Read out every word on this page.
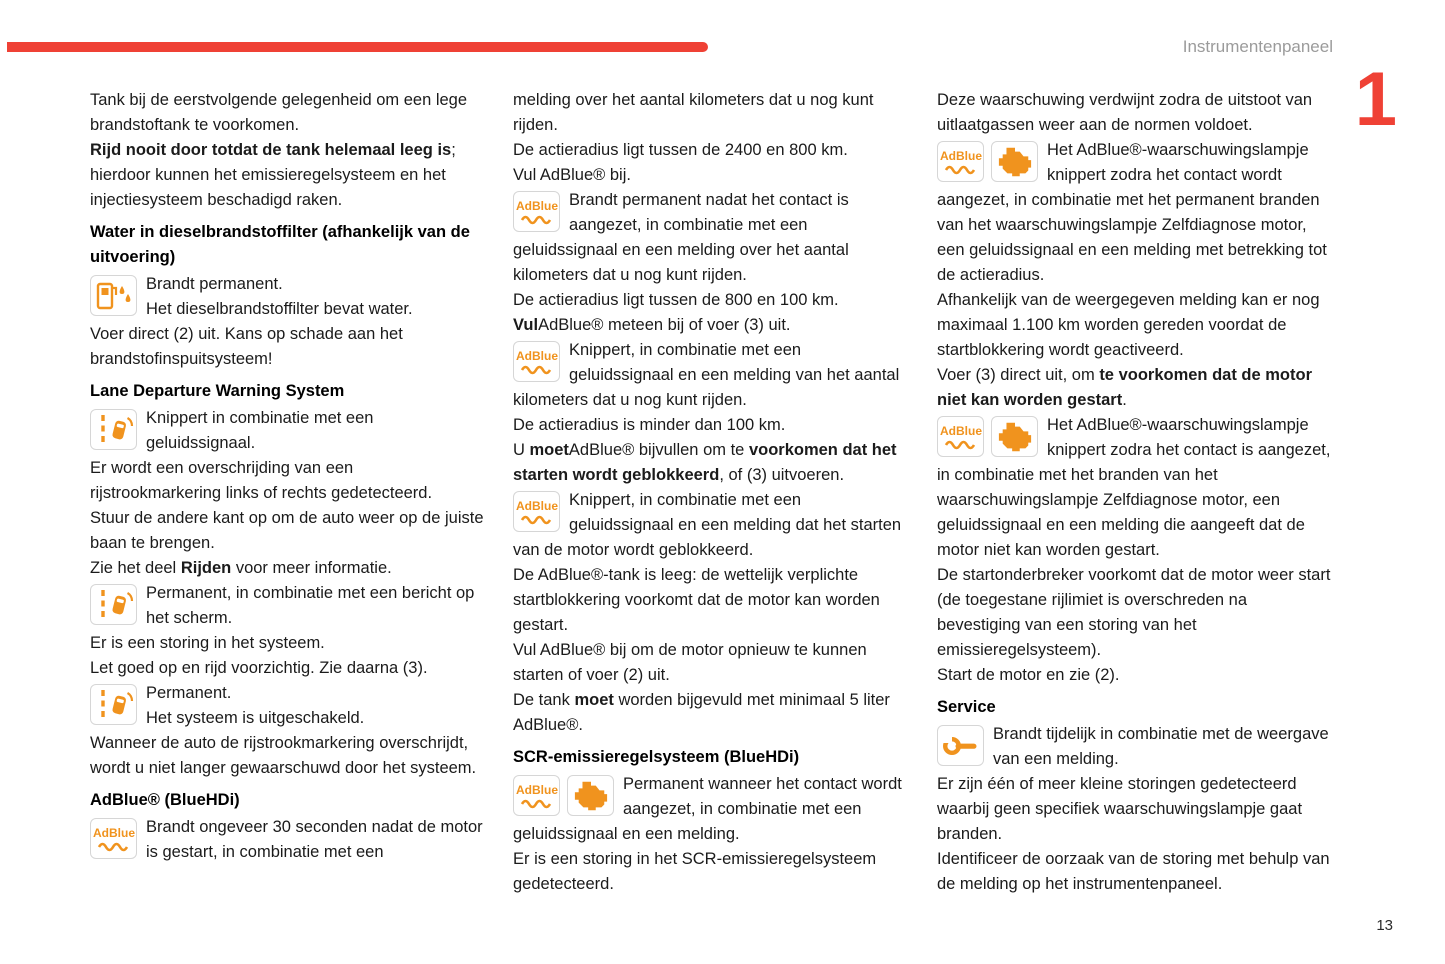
Instrumentenpaneel
1
Tank bij de eerstvolgende gelegenheid om een lege brandstoftank te voorkomen.
Rijd nooit door totdat de tank helemaal leeg is; hierdoor kunnen het emissieregelsysteem en het injectiesysteem beschadigd raken.
Water in dieselbrandstoffilter (afhankelijk van de uitvoering)
Brandt permanent.
Het dieselbrandstoffilter bevat water.
Voer direct (2) uit. Kans op schade aan het brandstofinspuitsysteem!
Lane Departure Warning System
Knippert in combinatie met een geluidssignaal.
Er wordt een overschrijding van een rijstrookmarkering links of rechts gedetecteerd.
Stuur de andere kant op om de auto weer op de juiste baan te brengen.
Zie het deel Rijden voor meer informatie.
Permanent, in combinatie met een bericht op het scherm.
Er is een storing in het systeem.
Let goed op en rijd voorzichtig. Zie daarna (3).
Permanent.
Het systeem is uitgeschakeld.
Wanneer de auto de rijstrookmarkering overschrijdt, wordt u niet langer gewaarschuwd door het systeem.
AdBlue® (BlueHDi)
AdBlue Brandt ongeveer 30 seconden nadat de motor is gestart, in combinatie met een
melding over het aantal kilometers dat u nog kunt rijden.
De actieradius ligt tussen de 2400 en 800 km.
Vul AdBlue® bij.
AdBlue Brandt permanent nadat het contact is aangezet, in combinatie met een geluidssignaal en een melding over het aantal kilometers dat u nog kunt rijden.
De actieradius ligt tussen de 800 en 100 km.
VulAdBlue® meteen bij of voer (3) uit.
AdBlue Knippert, in combinatie met een geluidssignaal en een melding van het aantal kilometers dat u nog kunt rijden.
De actieradius is minder dan 100 km.
U moetAdBlue® bijvullen om te voorkomen dat het starten wordt geblokkeerd, of (3) uitvoeren.
AdBlue Knippert, in combinatie met een geluidssignaal en een melding dat het starten van de motor wordt geblokkeerd.
De AdBlue®-tank is leeg: de wettelijk verplichte startblokkering voorkomt dat de motor kan worden gestart.
Vul AdBlue® bij om de motor opnieuw te kunnen starten of voer (2) uit.
De tank moet worden bijgevuld met minimaal 5 liter AdBlue®.
SCR-emissieregelsysteem (BlueHDi)
AdBlue	Permanent wanneer het contact wordt aangezet, in combinatie met een geluidssignaal en een melding.
Er is een storing in het SCR-emissieregelsysteem gedetecteerd.
Deze waarschuwing verdwijnt zodra de uitstoot van uitlaatgassen weer aan de normen voldoet.
AdBlue	Het AdBlue®-waarschuwingslampje knippert zodra het contact wordt aangezet, in combinatie met het permanent branden van het waarschuwingslampje Zelfdiagnose motor, een geluidssignaal en een melding met betrekking tot de actieradius.
Afhankelijk van de weergegeven melding kan er nog maximaal 1.100 km worden gereden voordat de startblokkering wordt geactiveerd.
Voer (3) direct uit, om te voorkomen dat de motor niet kan worden gestart.
AdBlue	Het AdBlue®-waarschuwingslampje knippert zodra het contact is aangezet, in combinatie met het branden van het waarschuwingslampje Zelfdiagnose motor, een geluidssignaal en een melding die aangeeft dat de motor niet kan worden gestart.
De startonderbreker voorkomt dat de motor weer start (de toegestane rijlimiet is overschreden na bevestiging van een storing van het emissieregelsysteem).
Start de motor en zie (2).
Service
Brandt tijdelijk in combinatie met de weergave van een melding.
Er zijn één of meer kleine storingen gedetecteerd waarbij geen specifiek waarschuwingslampje gaat branden.
Identificeer de oorzaak van de storing met behulp van de melding op het instrumentenpaneel.
13
